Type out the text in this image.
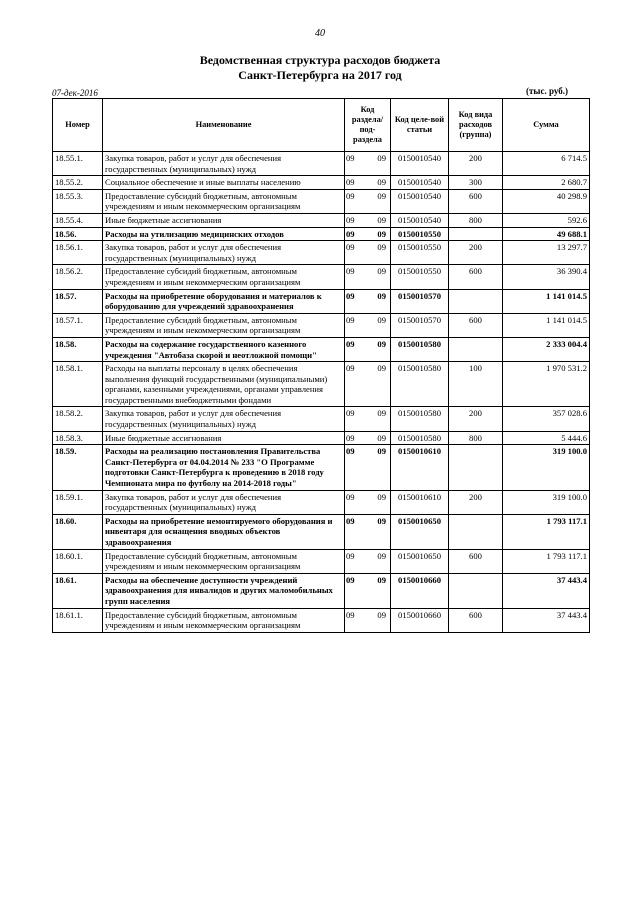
40
Ведомственная структура расходов бюджета
Санкт-Петербурга на 2017 год
07-дек-2016	(тыс. руб.)
Номер	Наименование	Код раздела/ под-раздела	Код целе-вой статьи	Код вида расходов (группа)	Сумма
18.55.1.	Закупка товаров, работ и услуг для обеспечения государственных (муниципальных) нужд	09 09	0150010540	200	6 714.5
18.55.2.	Социальное обеспечение и иные выплаты населению	09 09	0150010540	300	2 680.7
18.55.3.	Предоставление субсидий бюджетным, автономным учреждениям и иным некоммерческим организациям	09 09	0150010540	600	40 298.9
18.55.4.	Иные бюджетные ассигнования	09 09	0150010540	800	592.6
18.56.	Расходы на утилизацию медицинских отходов	09 09	0150010550		49 688.1
18.56.1.	Закупка товаров, работ и услуг для обеспечения государственных (муниципальных) нужд	09 09	0150010550	200	13 297.7
18.56.2.	Предоставление субсидий бюджетным, автономным учреждениям и иным некоммерческим организациям	09 09	0150010550	600	36 390.4
18.57.	Расходы на приобретение оборудования и материалов к оборудованию для учреждений здравоохранения	09 09	0150010570		1 141 014.5
18.57.1.	Предоставление субсидий бюджетным, автономным учреждениям и иным некоммерческим организациям	09 09	0150010570	600	1 141 014.5
18.58.	Расходы на содержание государственного казенного учреждения "Автобаза скорой и неотложной помощи"	09 09	0150010580		2 333 004.4
18.58.1.	Расходы на выплаты персоналу в целях обеспечения выполнения функций государственными (муниципальными) органами, казенными учреждениями, органами управления государственными внебюджетными фондами	09 09	0150010580	100	1 970 531.2
18.58.2.	Закупка товаров, работ и услуг для обеспечения государственных (муниципальных) нужд	09 09	0150010580	200	357 028.6
18.58.3.	Иные бюджетные ассигнования	09 09	0150010580	800	5 444.6
18.59.	Расходы на реализацию постановления Правительства Санкт-Петербурга от 04.04.2014 № 233 "О Программе подготовки Санкт-Петербурга к проведению в 2018 году Чемпионата мира по футболу на 2014-2018 годы"	09 09	0150010610		319 100.0
18.59.1.	Закупка товаров, работ и услуг для обеспечения государственных (муниципальных) нужд	09 09	0150010610	200	319 100.0
18.60.	Расходы на приобретение немонтируемого оборудования и инвентаря для оснащения вводных объектов здравоохранения	09 09	0150010650		1 793 117.1
18.60.1.	Предоставление субсидий бюджетным, автономным учреждениям и иным некоммерческим организациям	09 09	0150010650	600	1 793 117.1
18.61.	Расходы на обеспечение доступности учреждений здравоохранения для инвалидов и других маломобильных групп населения	09 09	0150010660		37 443.4
18.61.1.	Предоставление субсидий бюджетным, автономным учреждениям и иным некоммерческим организациям	09 09	0150010660	600	37 443.4
